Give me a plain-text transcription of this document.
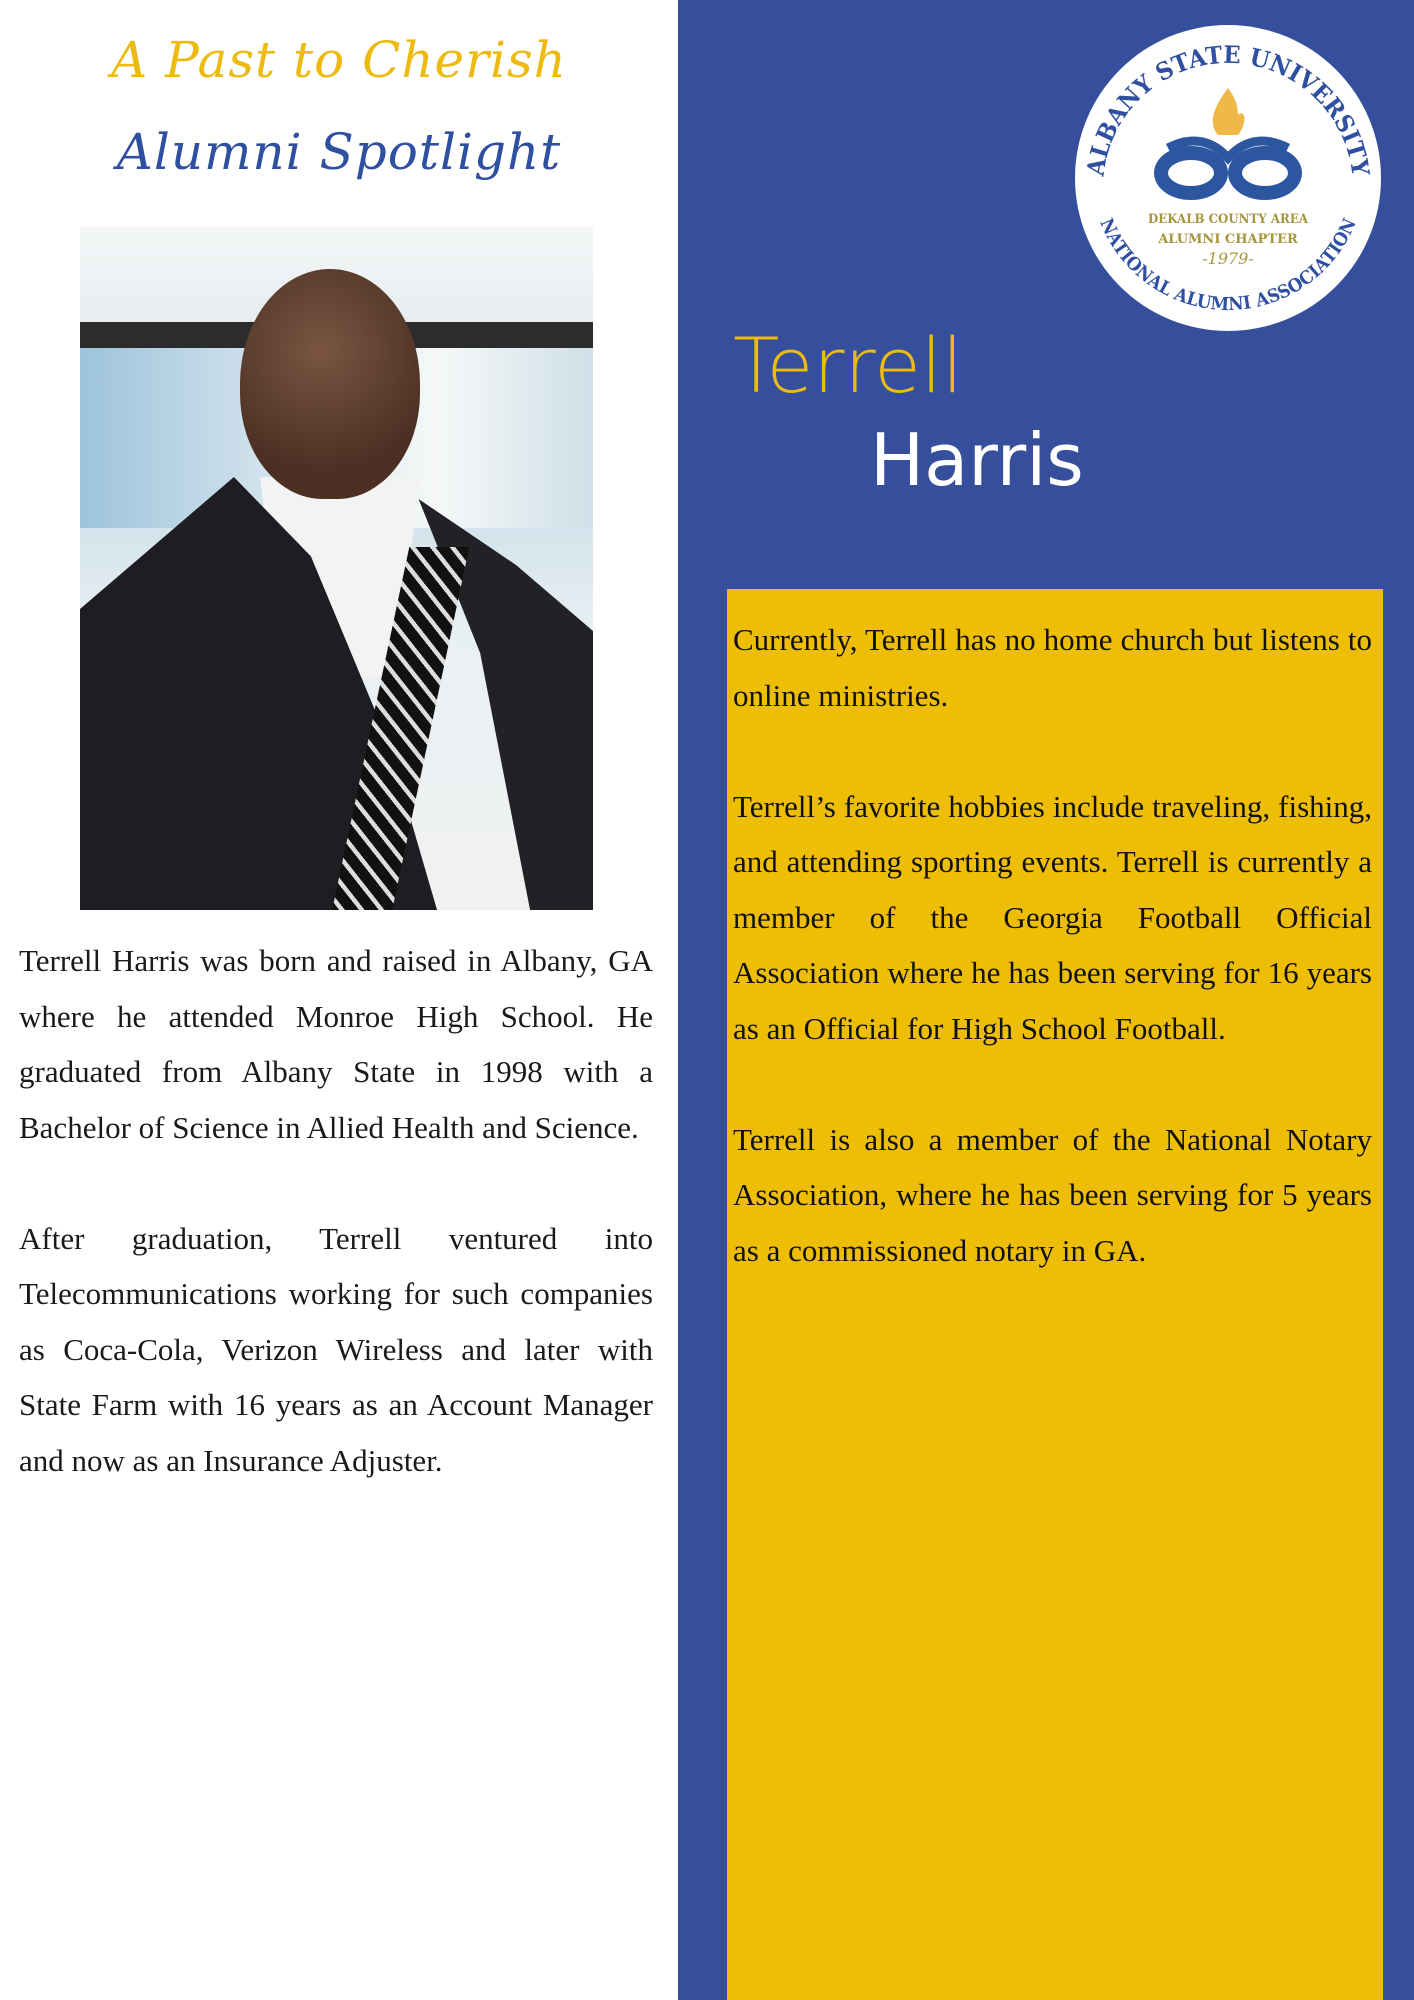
A Past to Cherish
Alumni Spotlight

Terrell Harris was born and raised in Albany, GA where he attended Monroe High School. He graduated from Albany State in 1998 with a Bachelor of Science in Allied Health and Science.

After graduation, Terrell ventured into Telecommunications working for such companies as Coca-Cola, Verizon Wireless and later with State Farm with 16 years as an Account Manager and now as an Insurance Adjuster.

ALBANY STATE UNIVERSITY
NATIONAL ALUMNI ASSOCIATION
DEKALB COUNTY AREA
ALUMNI CHAPTER
-1979-
Terrell
Harris

Currently, Terrell has no home church but listens to online ministries.

Terrell’s favorite hobbies include traveling, fishing, and attending sporting events. Terrell is currently a member of the Georgia Football Official Association where he has been serving for 16 years as an Official for High School Football.

Terrell is also a member of the National Notary Association, where he has been serving for 5 years as a commissioned notary in GA.
